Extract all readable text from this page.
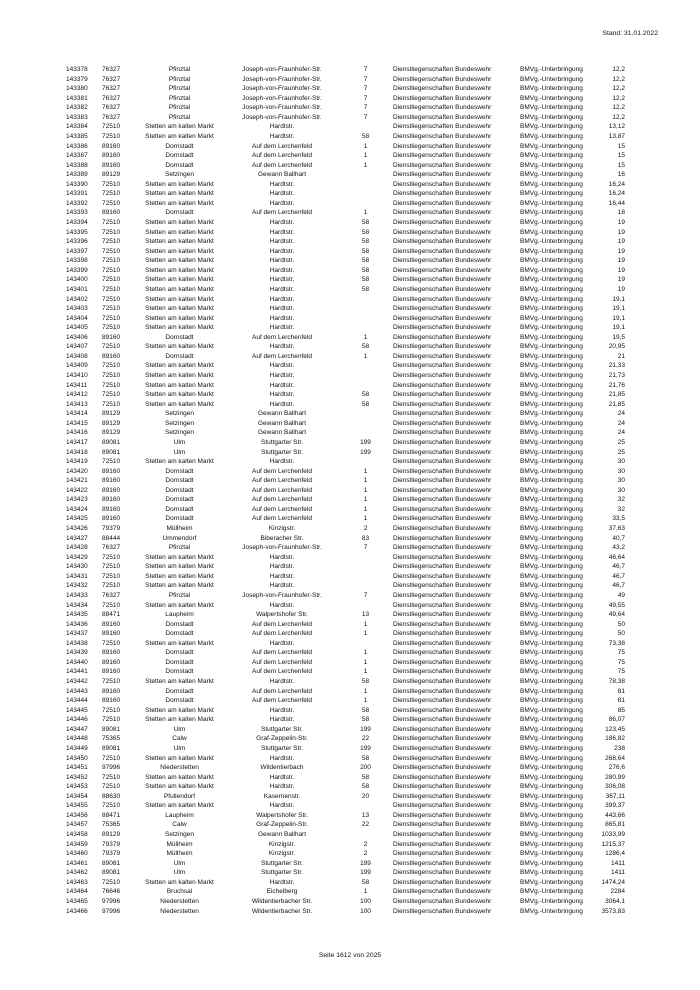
Stand: 31.01.2022
143378	76327	Pfinztal	Joseph-von-Fraunhofer-Str.	7	Dienstliegenschaften Bundeswehr	BMVg.-Unterbringung	12,2
143379	76327	Pfinztal	Joseph-von-Fraunhofer-Str.	7	Dienstliegenschaften Bundeswehr	BMVg.-Unterbringung	12,2
143380	76327	Pfinztal	Joseph-von-Fraunhofer-Str.	7	Dienstliegenschaften Bundeswehr	BMVg.-Unterbringung	12,2
143381	76327	Pfinztal	Joseph-von-Fraunhofer-Str.	7	Dienstliegenschaften Bundeswehr	BMVg.-Unterbringung	12,2
143382	76327	Pfinztal	Joseph-von-Fraunhofer-Str.	7	Dienstliegenschaften Bundeswehr	BMVg.-Unterbringung	12,2
143383	76327	Pfinztal	Joseph-von-Fraunhofer-Str.	7	Dienstliegenschaften Bundeswehr	BMVg.-Unterbringung	12,2
143384	72510	Stetten am kalten Markt	Hardtstr.		Dienstliegenschaften Bundeswehr	BMVg.-Unterbringung	13,12
143385	72510	Stetten am kalten Markt	Hardtstr.	58	Dienstliegenschaften Bundeswehr	BMVg.-Unterbringung	13,87
143386	89160	Dornstadt	Auf dem Lerchenfeld	1	Dienstliegenschaften Bundeswehr	BMVg.-Unterbringung	15
143387	89160	Dornstadt	Auf dem Lerchenfeld	1	Dienstliegenschaften Bundeswehr	BMVg.-Unterbringung	15
143388	89160	Dornstadt	Auf dem Lerchenfeld	1	Dienstliegenschaften Bundeswehr	BMVg.-Unterbringung	15
143389	89129	Setzingen	Gewann Ballhart		Dienstliegenschaften Bundeswehr	BMVg.-Unterbringung	16
143390	72510	Stetten am kalten Markt	Hardtstr.		Dienstliegenschaften Bundeswehr	BMVg.-Unterbringung	16,24
143391	72510	Stetten am kalten Markt	Hardtstr.		Dienstliegenschaften Bundeswehr	BMVg.-Unterbringung	16,24
143392	72510	Stetten am kalten Markt	Hardtstr.		Dienstliegenschaften Bundeswehr	BMVg.-Unterbringung	16,44
143393	89160	Dornstadt	Auf dem Lerchenfeld	1	Dienstliegenschaften Bundeswehr	BMVg.-Unterbringung	18
143394	72510	Stetten am kalten Markt	Hardtstr.	58	Dienstliegenschaften Bundeswehr	BMVg.-Unterbringung	19
143395	72510	Stetten am kalten Markt	Hardtstr.	58	Dienstliegenschaften Bundeswehr	BMVg.-Unterbringung	19
143396	72510	Stetten am kalten Markt	Hardtstr.	58	Dienstliegenschaften Bundeswehr	BMVg.-Unterbringung	19
143397	72510	Stetten am kalten Markt	Hardtstr.	58	Dienstliegenschaften Bundeswehr	BMVg.-Unterbringung	19
143398	72510	Stetten am kalten Markt	Hardtstr.	58	Dienstliegenschaften Bundeswehr	BMVg.-Unterbringung	19
143399	72510	Stetten am kalten Markt	Hardtstr.	58	Dienstliegenschaften Bundeswehr	BMVg.-Unterbringung	19
143400	72510	Stetten am kalten Markt	Hardtstr.	58	Dienstliegenschaften Bundeswehr	BMVg.-Unterbringung	19
143401	72510	Stetten am kalten Markt	Hardtstr.	58	Dienstliegenschaften Bundeswehr	BMVg.-Unterbringung	19
143402	72510	Stetten am kalten Markt	Hardtstr.		Dienstliegenschaften Bundeswehr	BMVg.-Unterbringung	19,1
143403	72510	Stetten am kalten Markt	Hardtstr.		Dienstliegenschaften Bundeswehr	BMVg.-Unterbringung	19,1
143404	72510	Stetten am kalten Markt	Hardtstr.		Dienstliegenschaften Bundeswehr	BMVg.-Unterbringung	19,1
143405	72510	Stetten am kalten Markt	Hardtstr.		Dienstliegenschaften Bundeswehr	BMVg.-Unterbringung	19,1
143406	89160	Dornstadt	Auf dem Lerchenfeld	1	Dienstliegenschaften Bundeswehr	BMVg.-Unterbringung	19,5
143407	72510	Stetten am kalten Markt	Hardtstr.	58	Dienstliegenschaften Bundeswehr	BMVg.-Unterbringung	20,95
143408	89160	Dornstadt	Auf dem Lerchenfeld	1	Dienstliegenschaften Bundeswehr	BMVg.-Unterbringung	21
143409	72510	Stetten am kalten Markt	Hardtstr.		Dienstliegenschaften Bundeswehr	BMVg.-Unterbringung	21,33
143410	72510	Stetten am kalten Markt	Hardtstr.		Dienstliegenschaften Bundeswehr	BMVg.-Unterbringung	21,73
143411	72510	Stetten am kalten Markt	Hardtstr.		Dienstliegenschaften Bundeswehr	BMVg.-Unterbringung	21,76
143412	72510	Stetten am kalten Markt	Hardtstr.	58	Dienstliegenschaften Bundeswehr	BMVg.-Unterbringung	21,85
143413	72510	Stetten am kalten Markt	Hardtstr.	58	Dienstliegenschaften Bundeswehr	BMVg.-Unterbringung	21,85
143414	89129	Setzingen	Gewann Ballhart		Dienstliegenschaften Bundeswehr	BMVg.-Unterbringung	24
143415	89129	Setzingen	Gewann Ballhart		Dienstliegenschaften Bundeswehr	BMVg.-Unterbringung	24
143416	89129	Setzingen	Gewann Ballhart		Dienstliegenschaften Bundeswehr	BMVg.-Unterbringung	24
143417	89081	Ulm	Stuttgarter Str.	199	Dienstliegenschaften Bundeswehr	BMVg.-Unterbringung	25
143418	89081	Ulm	Stuttgarter Str.	199	Dienstliegenschaften Bundeswehr	BMVg.-Unterbringung	25
143419	72510	Stetten am kalten Markt	Hardtstr.		Dienstliegenschaften Bundeswehr	BMVg.-Unterbringung	30
143420	89160	Dornstadt	Auf dem Lerchenfeld	1	Dienstliegenschaften Bundeswehr	BMVg.-Unterbringung	30
143421	89160	Dornstadt	Auf dem Lerchenfeld	1	Dienstliegenschaften Bundeswehr	BMVg.-Unterbringung	30
143422	89160	Dornstadt	Auf dem Lerchenfeld	1	Dienstliegenschaften Bundeswehr	BMVg.-Unterbringung	30
143423	89160	Dornstadt	Auf dem Lerchenfeld	1	Dienstliegenschaften Bundeswehr	BMVg.-Unterbringung	32
143424	89160	Dornstadt	Auf dem Lerchenfeld	1	Dienstliegenschaften Bundeswehr	BMVg.-Unterbringung	32
143425	89160	Dornstadt	Auf dem Lerchenfeld	1	Dienstliegenschaften Bundeswehr	BMVg.-Unterbringung	33,5
143426	79379	Müllheim	Kinzigstr.	2	Dienstliegenschaften Bundeswehr	BMVg.-Unterbringung	37,63
143427	88444	Ummendorf	Biberacher Str.	83	Dienstliegenschaften Bundeswehr	BMVg.-Unterbringung	40,7
143428	76327	Pfinztal	Joseph-von-Fraunhofer-Str.	7	Dienstliegenschaften Bundeswehr	BMVg.-Unterbringung	43,2
143429	72510	Stetten am kalten Markt	Hardtstr.		Dienstliegenschaften Bundeswehr	BMVg.-Unterbringung	46,64
143430	72510	Stetten am kalten Markt	Hardtstr.		Dienstliegenschaften Bundeswehr	BMVg.-Unterbringung	46,7
143431	72510	Stetten am kalten Markt	Hardtstr.		Dienstliegenschaften Bundeswehr	BMVg.-Unterbringung	46,7
143432	72510	Stetten am kalten Markt	Hardtstr.		Dienstliegenschaften Bundeswehr	BMVg.-Unterbringung	46,7
143433	76327	Pfinztal	Joseph-von-Fraunhofer-Str.	7	Dienstliegenschaften Bundeswehr	BMVg.-Unterbringung	49
143434	72510	Stetten am kalten Markt	Hardtstr.		Dienstliegenschaften Bundeswehr	BMVg.-Unterbringung	49,55
143435	88471	Laupheim	Walpertshofer Str.	13	Dienstliegenschaften Bundeswehr	BMVg.-Unterbringung	49,64
143436	89160	Dornstadt	Auf dem Lerchenfeld	1	Dienstliegenschaften Bundeswehr	BMVg.-Unterbringung	50
143437	89160	Dornstadt	Auf dem Lerchenfeld	1	Dienstliegenschaften Bundeswehr	BMVg.-Unterbringung	50
143438	72510	Stetten am kalten Markt	Hardtstr.		Dienstliegenschaften Bundeswehr	BMVg.-Unterbringung	73,38
143439	89160	Dornstadt	Auf dem Lerchenfeld	1	Dienstliegenschaften Bundeswehr	BMVg.-Unterbringung	75
143440	89160	Dornstadt	Auf dem Lerchenfeld	1	Dienstliegenschaften Bundeswehr	BMVg.-Unterbringung	75
143441	89160	Dornstadt	Auf dem Lerchenfeld	1	Dienstliegenschaften Bundeswehr	BMVg.-Unterbringung	75
143442	72510	Stetten am kalten Markt	Hardtstr.	58	Dienstliegenschaften Bundeswehr	BMVg.-Unterbringung	78,38
143443	89160	Dornstadt	Auf dem Lerchenfeld	1	Dienstliegenschaften Bundeswehr	BMVg.-Unterbringung	81
143444	89160	Dornstadt	Auf dem Lerchenfeld	1	Dienstliegenschaften Bundeswehr	BMVg.-Unterbringung	81
143445	72510	Stetten am kalten Markt	Hardtstr.	58	Dienstliegenschaften Bundeswehr	BMVg.-Unterbringung	85
143446	72510	Stetten am kalten Markt	Hardtstr.	58	Dienstliegenschaften Bundeswehr	BMVg.-Unterbringung	86,07
143447	89081	Ulm	Stuttgarter Str.	199	Dienstliegenschaften Bundeswehr	BMVg.-Unterbringung	123,45
143448	75365	Calw	Graf-Zeppelin-Str.	22	Dienstliegenschaften Bundeswehr	BMVg.-Unterbringung	186,82
143449	89081	Ulm	Stuttgarter Str.	199	Dienstliegenschaften Bundeswehr	BMVg.-Unterbringung	238
143450	72510	Stetten am kalten Markt	Hardtstr.	58	Dienstliegenschaften Bundeswehr	BMVg.-Unterbringung	268,64
143451	97996	Niederstetten	Wildentierbach	200	Dienstliegenschaften Bundeswehr	BMVg.-Unterbringung	276,6
143452	72510	Stetten am kalten Markt	Hardtstr.	58	Dienstliegenschaften Bundeswehr	BMVg.-Unterbringung	280,99
143453	72510	Stetten am kalten Markt	Hardtstr.	58	Dienstliegenschaften Bundeswehr	BMVg.-Unterbringung	306,08
143454	88630	Pfullendorf	Kasernenstr.	20	Dienstliegenschaften Bundeswehr	BMVg.-Unterbringung	367,11
143455	72510	Stetten am kalten Markt	Hardtstr.		Dienstliegenschaften Bundeswehr	BMVg.-Unterbringung	399,37
143456	88471	Laupheim	Walpertshofer Str.	13	Dienstliegenschaften Bundeswehr	BMVg.-Unterbringung	443,66
143457	75365	Calw	Graf-Zeppelin-Str.	22	Dienstliegenschaften Bundeswehr	BMVg.-Unterbringung	865,81
143458	89129	Setzingen	Gewann Ballhart		Dienstliegenschaften Bundeswehr	BMVg.-Unterbringung	1033,99
143459	79379	Müllheim	Kinzigstr.	2	Dienstliegenschaften Bundeswehr	BMVg.-Unterbringung	1215,37
143460	79379	Müllheim	Kinzigstr.	2	Dienstliegenschaften Bundeswehr	BMVg.-Unterbringung	1286,4
143461	89081	Ulm	Stuttgarter Str.	199	Dienstliegenschaften Bundeswehr	BMVg.-Unterbringung	1411
143462	89081	Ulm	Stuttgarter Str.	199	Dienstliegenschaften Bundeswehr	BMVg.-Unterbringung	1411
143463	72510	Stetten am kalten Markt	Hardtstr.	58	Dienstliegenschaften Bundeswehr	BMVg.-Unterbringung	1474,24
143464	76646	Bruchsal	Eichelberg	1	Dienstliegenschaften Bundeswehr	BMVg.-Unterbringung	2284
143465	97996	Niederstetten	Wildentierbacher Str.	100	Dienstliegenschaften Bundeswehr	BMVg.-Unterbringung	3064,1
143466	97996	Niederstetten	Wildentierbacher Str.	100	Dienstliegenschaften Bundeswehr	BMVg.-Unterbringung	3573,83
Seite 1612 von 2025
